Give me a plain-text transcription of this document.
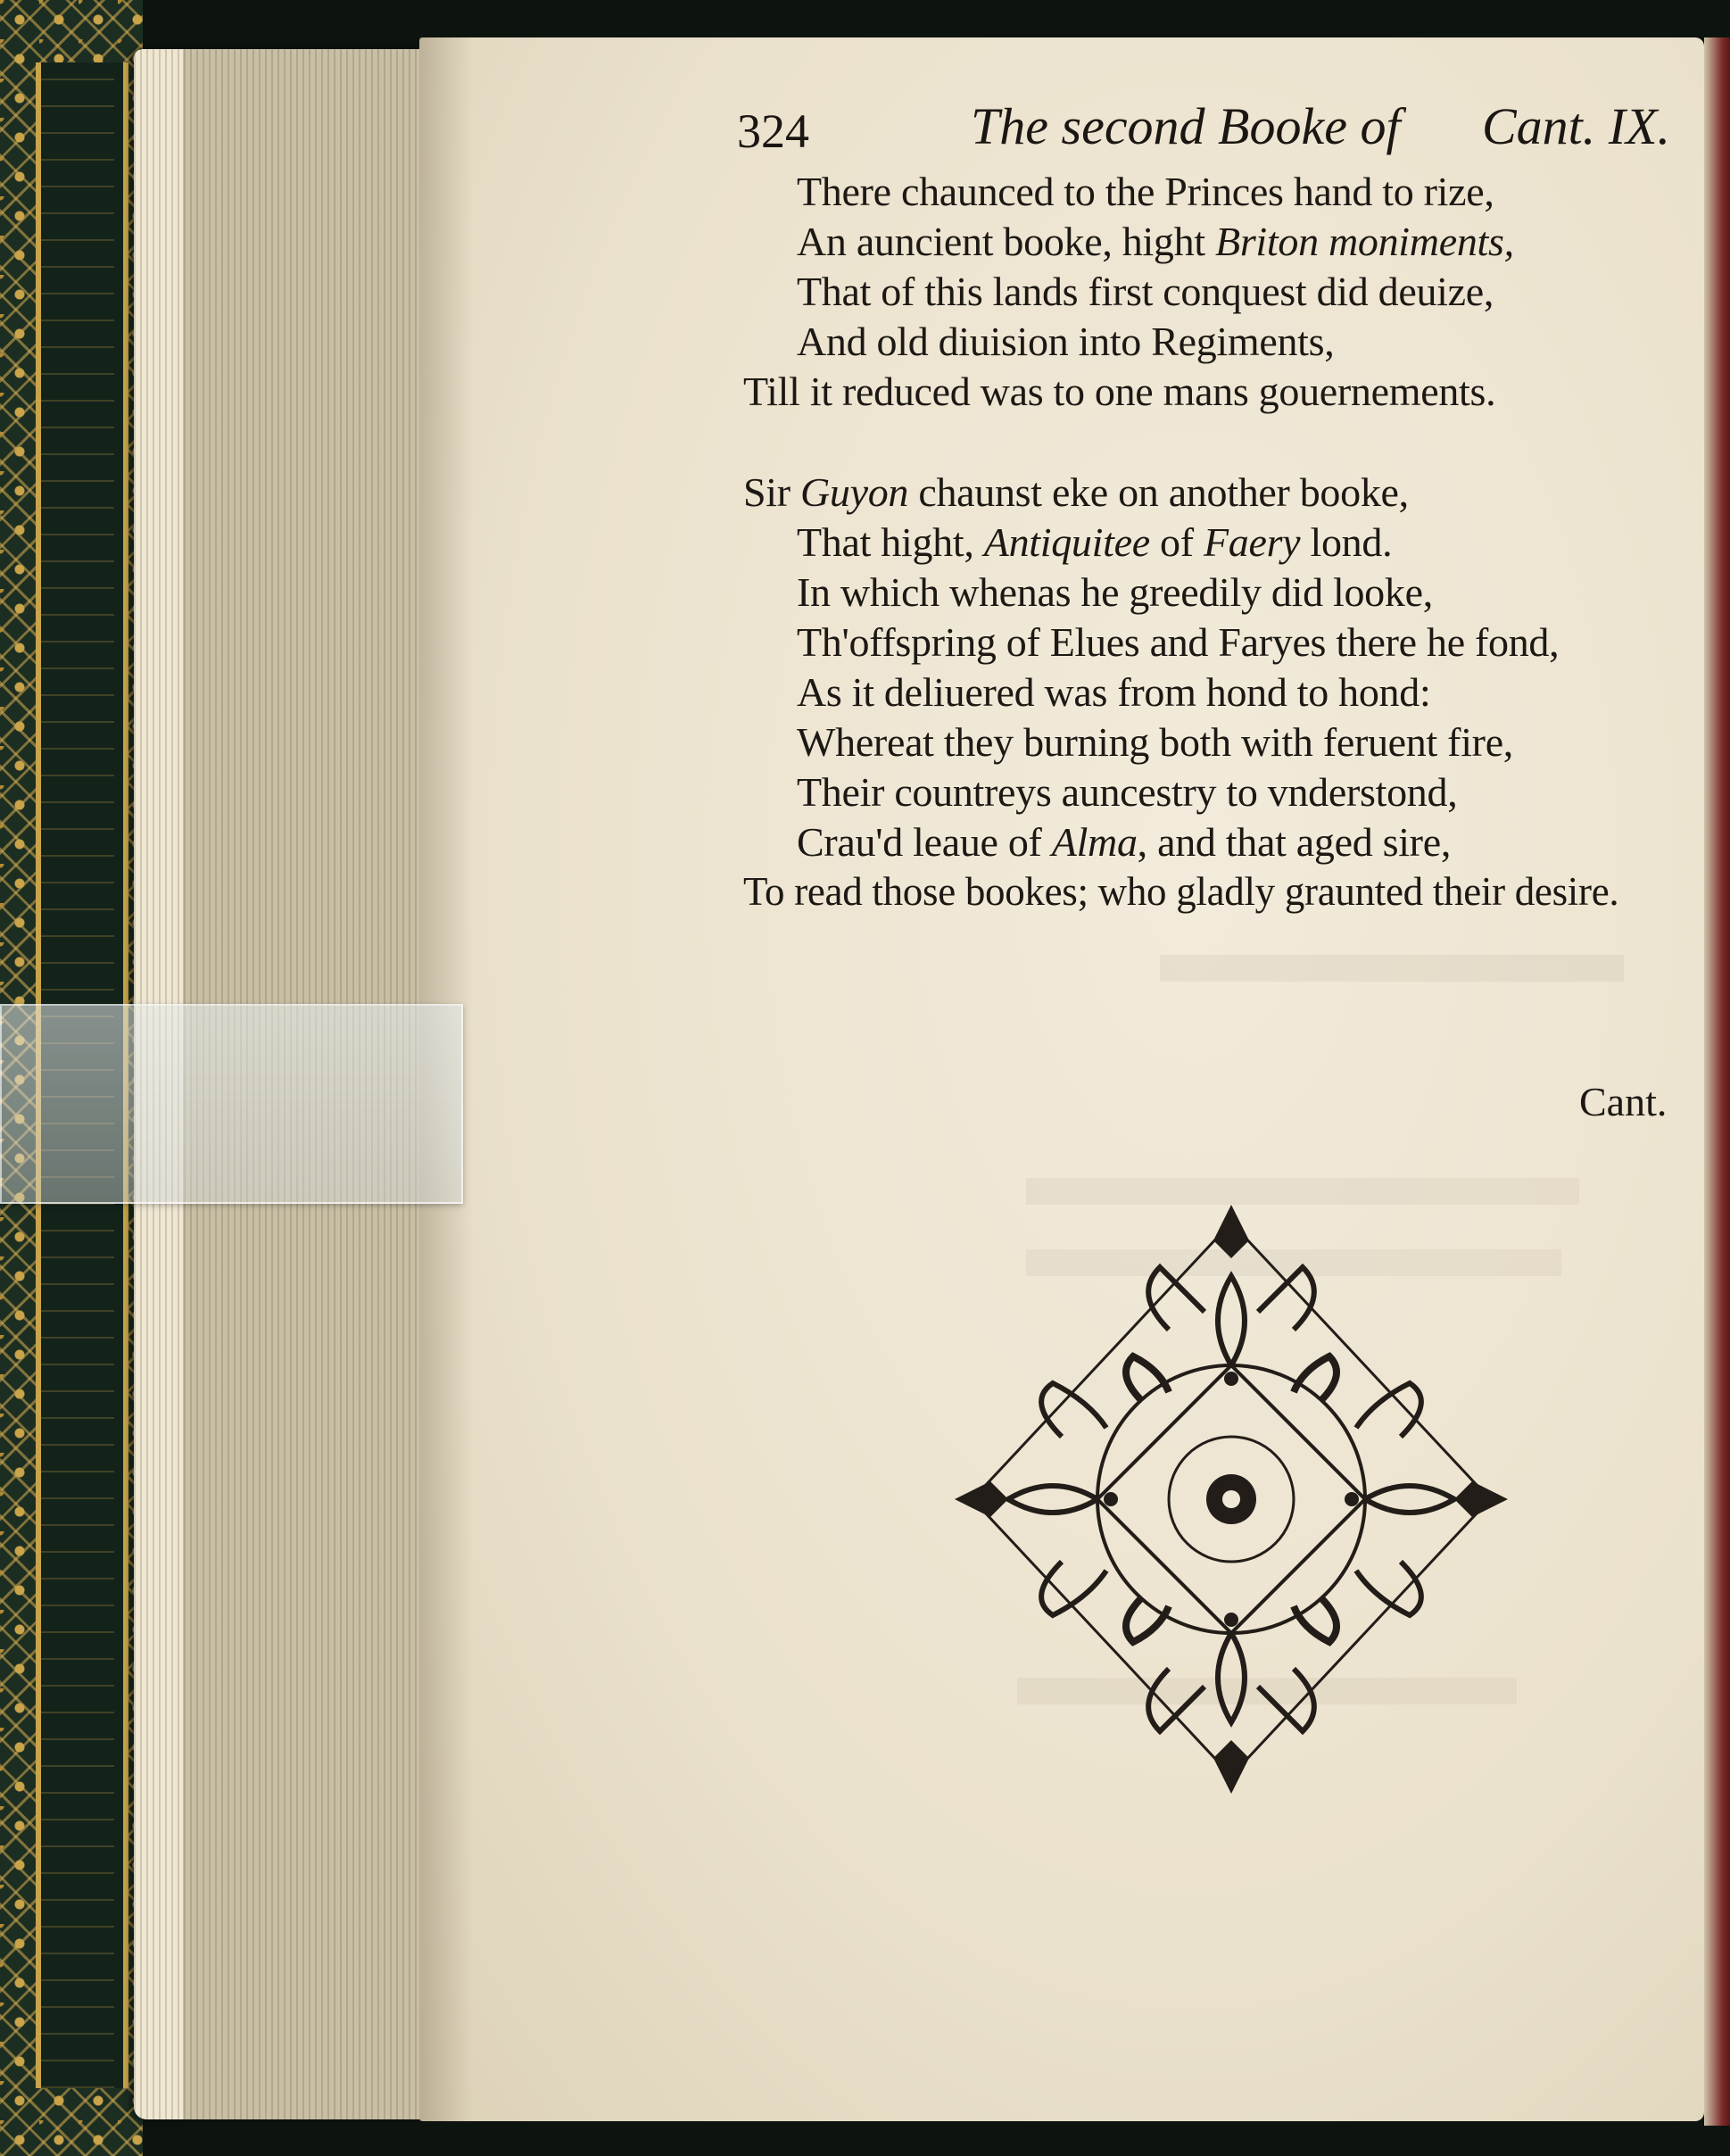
324	The second Booke of Cant. IX.
There chaunced to the Princes hand to rize,
An auncient booke, hight Briton moniments,
That of this lands first conquest did deuize,
And old diuision into Regiments,
Till it reduced was to one mans gouernements.
Sir Guyon chaunst eke on another booke,
That hight, Antiquitee of Faery lond.
In which whenas he greedily did looke,
Th'offspring of Elues and Faryes there he fond,
As it deliuered was from hond to hond:
Whereat they burning both with feruent fire,
Their countreys auncestry to vnderstond,
Crau'd leaue of Alma, and that aged sire,
To read those bookes; who gladly graunted their desire.
Cant.
